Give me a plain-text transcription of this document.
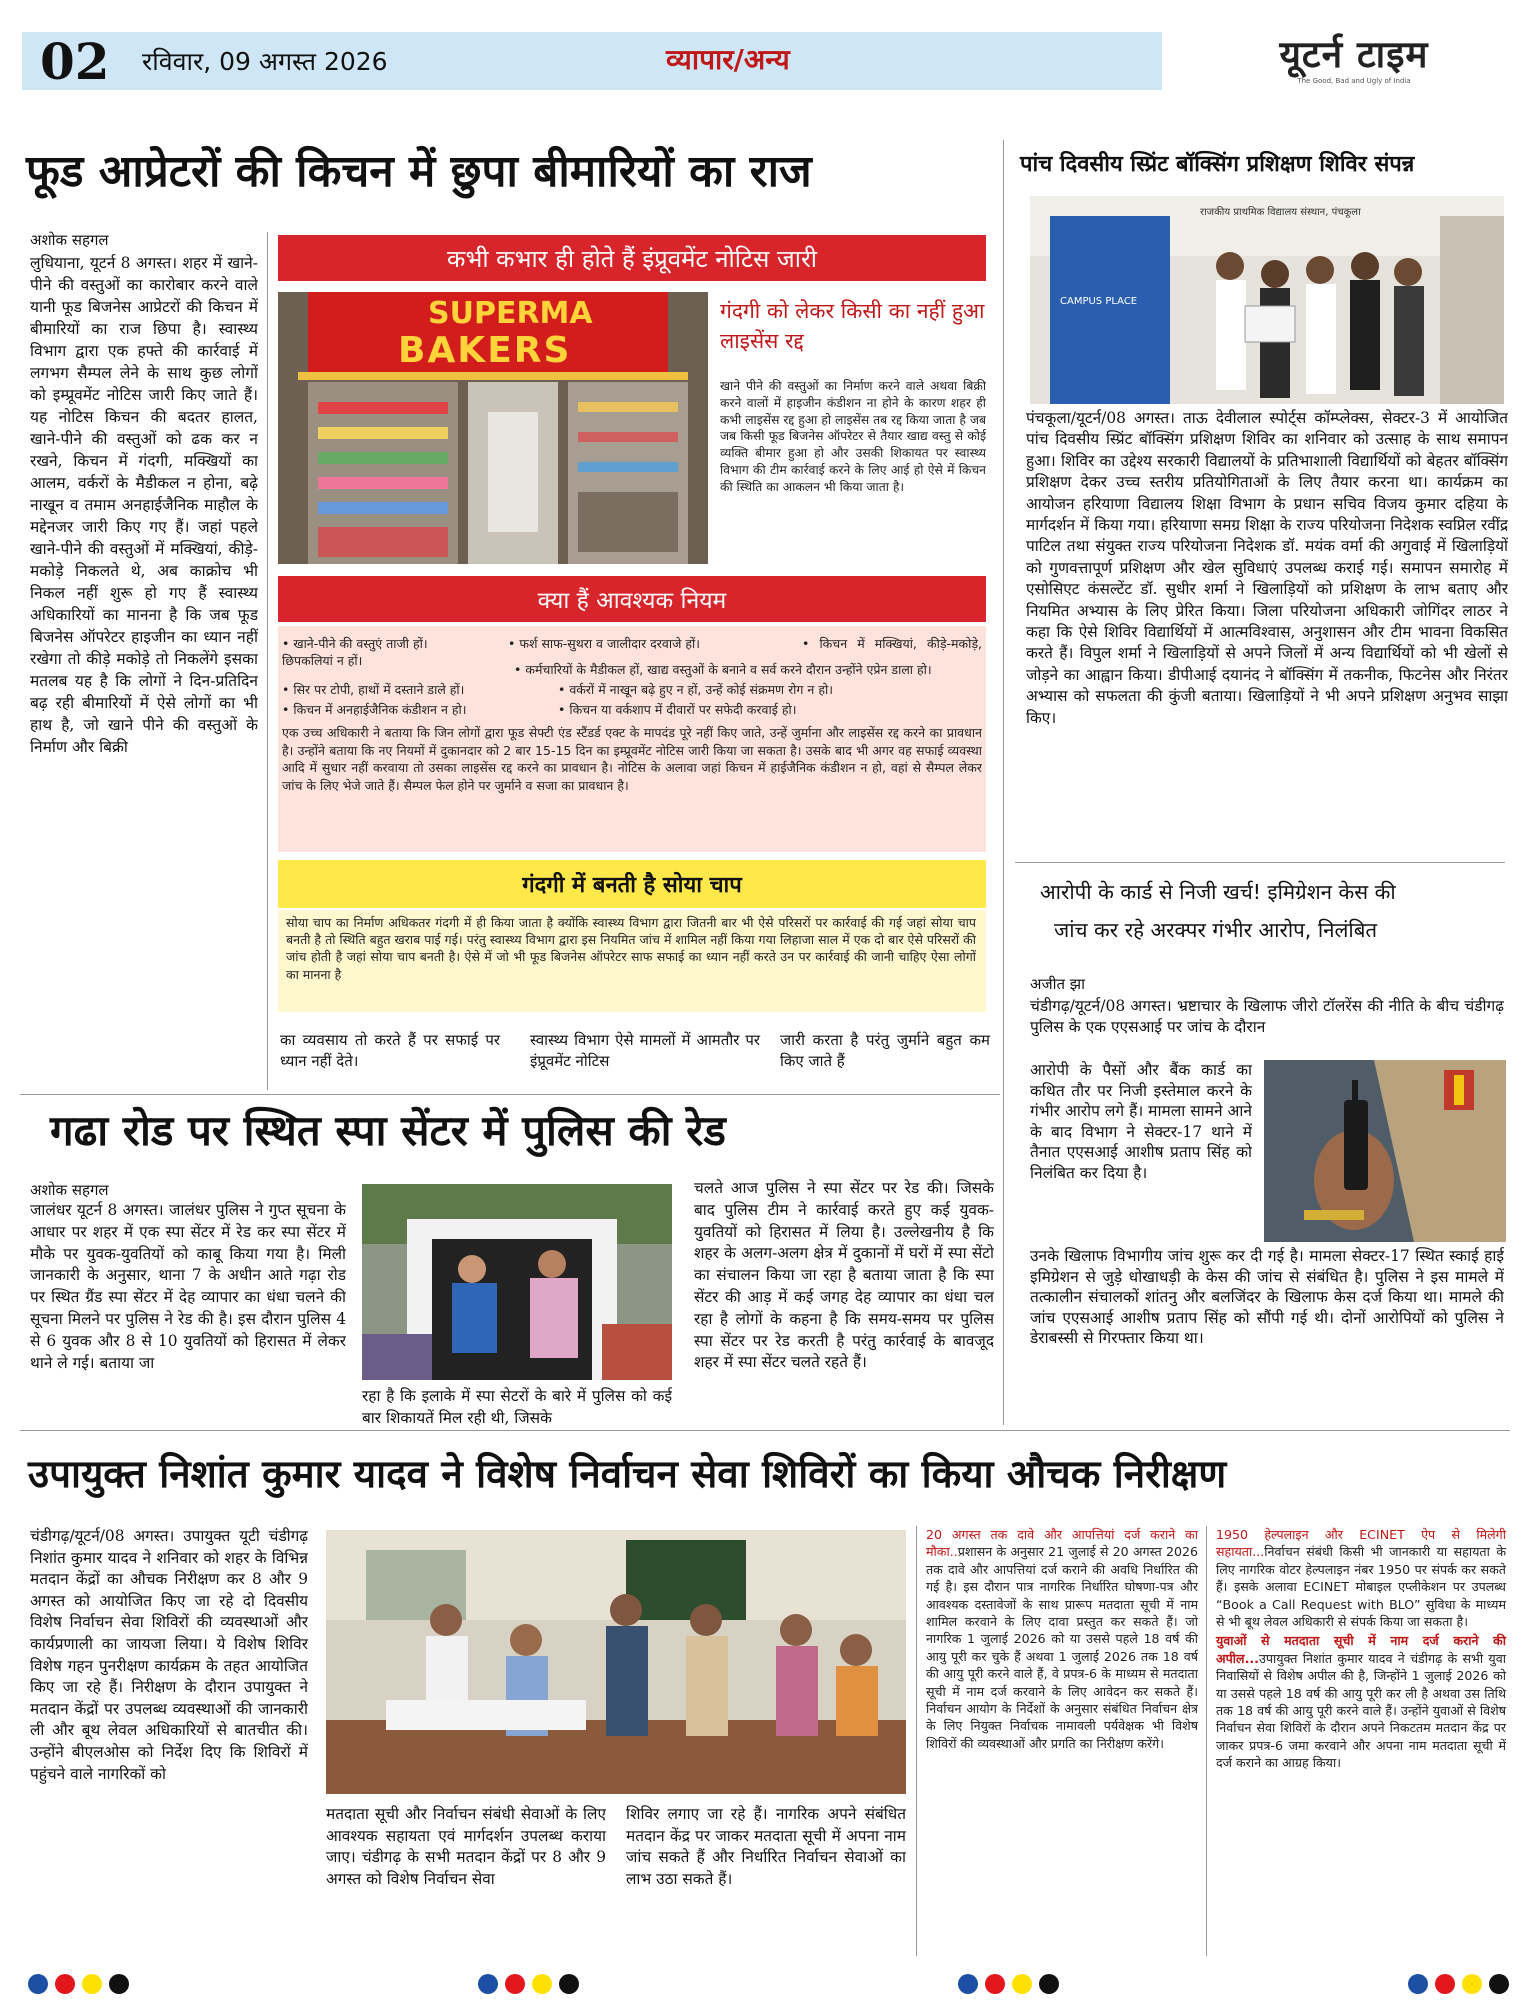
02 रविवार, 09 अगस्त 2026	व्यापार/अन्य	यूटर्न टाइम
The Good, Bad and Ugly of India
फूड आप्रेटरों की किचन में छुपा बीमारियों का राज
अशोक सहगल
लुधियाना, यूटर्न 8 अगस्त। शहर में खाने-पीने की वस्तुओं का कारोबार करने वाले यानी फूड बिजनेस आप्रेटरों की किचन में बीमारियों का राज छिपा है। स्वास्थ्य विभाग द्वारा एक हफ्ते की कार्रवाई में लगभग सैम्पल लेने के साथ कुछ लोगों को इम्प्रूवमेंट नोटिस जारी किए जाते हैं। यह नोटिस किचन की बदतर हालत, खाने-पीने की वस्तुओं को ढक कर न रखने, किचन में गंदगी, मक्खियों का आलम, वर्करों के मैडीकल न होना, बढ़े नाखून व तमाम अनहाईजैनिक माहौल के मद्देनजर जारी किए गए हैं। जहां पहले खाने-पीने की वस्तुओं में मक्खियां, कीड़े-मकोड़े निकलते थे, अब काक्रोच भी निकल नहीं शुरू हो गए हैं स्वास्थ्य अधिकारियों का मानना है कि जब फूड बिजनेस ऑपरेटर हाइजीन का ध्यान नहीं रखेगा तो कीड़े मकोड़े तो निकलेंगे इसका मतलब यह है कि लोगों ने दिन-प्रतिदिन बढ़ रही बीमारियों में ऐसे लोगों का भी हाथ है, जो खाने पीने की वस्तुओं के निर्माण और बिक्री
कभी कभार ही होते हैं इंप्रूवमेंट नोटिस जारी
SUPERMA
BAKERS
गंदगी को लेकर किसी का नहीं हुआ लाइसेंस रद्द
खाने पीने की वस्तुओं का निर्माण करने वाले अथवा बिक्री करने वालों में हाइजीन कंडीशन ना होने के कारण शहर ही कभी लाइसेंस रद्द हुआ हो लाइसेंस तब रद्द किया जाता है जब जब किसी फूड बिजनेस ऑपरेटर से तैयार खाद्य वस्तु से कोई व्यक्ति बीमार हुआ हो और उसकी शिकायत पर स्वास्थ्य विभाग की टीम कार्रवाई करने के लिए आई हो ऐसे में किचन की स्थिति का आकलन भी किया जाता है।
क्या हैं आवश्यक नियम
• खाने-पीने की वस्तुएं ताजी हों।	• फर्श साफ-सुथरा व जालीदार दरवाजे हों।	• किचन में मक्खियां, कीड़े-मकोड़े, छिपकलियां न हों।
• कर्मचारियों के मैडीकल हों, खाद्य वस्तुओं के बनाने व सर्व करने दौरान उन्होंने एप्रेन डाला हो।
• सिर पर टोपी, हाथों में दस्ताने डाले हों।	• वर्करों में नाखून बढ़े हुए न हों, उन्हें कोई संक्रमण रोग न हो।
• किचन में अनहाईजैनिक कंडीशन न हो।	• किचन या वर्कशाप में दीवारों पर सफेदी करवाई हो।
एक उच्च अधिकारी ने बताया कि जिन लोगों द्वारा फूड सेफ्टी एंड स्टैंडर्ड एक्ट के मापदंड पूरे नहीं किए जाते, उन्हें जुर्माना और लाइसेंस रद्द करने का प्रावधान है। उन्होंने बताया कि नए नियमों में दुकानदार को 2 बार 15-15 दिन का इम्प्रूवमेंट नोटिस जारी किया जा सकता है। उसके बाद भी अगर वह सफाई व्यवस्था आदि में सुधार नहीं करवाया तो उसका लाइसेंस रद्द करने का प्रावधान है। नोटिस के अलावा जहां किचन में हाईजैनिक कंडीशन न हो, वहां से सैम्पल लेकर जांच के लिए भेजे जाते हैं। सैम्पल फेल होने पर जुर्माने व सजा का प्रावधान है।
गंदगी में बनती है सोया चाप
सोया चाप का निर्माण अधिकतर गंदगी में ही किया जाता है क्योंकि स्वास्थ्य विभाग द्वारा जितनी बार भी ऐसे परिसरों पर कार्रवाई की गई जहां सोया चाप बनती है तो स्थिति बहुत खराब पाई गई। परंतु स्वास्थ्य विभाग द्वारा इस नियमित जांच में शामिल नहीं किया गया लिहाजा साल में एक दो बार ऐसे परिसरों की जांच होती है जहां सोया चाप बनती है। ऐसे में जो भी फूड बिजनेस ऑपरेटर साफ सफाई का ध्यान नहीं करते उन पर कार्रवाई की जानी चाहिए ऐसा लोगों का मानना है
का व्यवसाय तो करते हैं पर सफाई पर ध्यान नहीं देते।
स्वास्थ्य विभाग ऐसे मामलों में आमतौर पर इंप्रूवमेंट नोटिस
जारी करता है परंतु जुर्माने बहुत कम किए जाते हैं
पांच दिवसीय स्प्रिंट बॉक्सिंग प्रशिक्षण शिविर संपन्न
राजकीय प्राथमिक विद्यालय संस्थान, पंचकूला
CAMPUS PLACE
पंचकूला/यूटर्न/08 अगस्त। ताऊ देवीलाल स्पोर्ट्स कॉम्प्लेक्स, सेक्टर-3 में आयोजित पांच दिवसीय स्प्रिंट बॉक्सिंग प्रशिक्षण शिविर का शनिवार को उत्साह के साथ समापन हुआ। शिविर का उद्देश्य सरकारी विद्यालयों के प्रतिभाशाली विद्यार्थियों को बेहतर बॉक्सिंग प्रशिक्षण देकर उच्च स्तरीय प्रतियोगिताओं के लिए तैयार करना था। कार्यक्रम का आयोजन हरियाणा विद्यालय शिक्षा विभाग के प्रधान सचिव विजय कुमार दहिया के मार्गदर्शन में किया गया। हरियाणा समग्र शिक्षा के राज्य परियोजना निदेशक स्वप्निल रवींद्र पाटिल तथा संयुक्त राज्य परियोजना निदेशक डॉ. मयंक वर्मा की अगुवाई में खिलाड़ियों को गुणवत्तापूर्ण प्रशिक्षण और खेल सुविधाएं उपलब्ध कराई गई। समापन समारोह में एसोसिएट कंसल्टेंट डॉ. सुधीर शर्मा ने खिलाड़ियों को प्रशिक्षण के लाभ बताए और नियमित अभ्यास के लिए प्रेरित किया। जिला परियोजना अधिकारी जोगिंदर लाठर ने कहा कि ऐसे शिविर विद्यार्थियों में आत्मविश्वास, अनुशासन और टीम भावना विकसित करते हैं। विपुल शर्मा ने खिलाड़ियों से अपने जिलों में अन्य विद्यार्थियों को भी खेलों से जोड़ने का आह्वान किया। डीपीआई दयानंद ने बॉक्सिंग में तकनीक, फिटनेस और निरंतर अभ्यास को सफलता की कुंजी बताया। खिलाड़ियों ने भी अपने प्रशिक्षण अनुभव साझा किए।
आरोपी के कार्ड से निजी खर्च! इमिग्रेशन केस की
जांच कर रहे अरक्पर गंभीर आरोप, निलंबित
अजीत झा
चंडीगढ़/यूटर्न/08 अगस्त। भ्रष्टाचार के खिलाफ जीरो टॉलरेंस की नीति के बीच चंडीगढ़ पुलिस के एक एएसआई पर जांच के दौरान
आरोपी के पैसों और बैंक कार्ड का कथित तौर पर निजी इस्तेमाल करने के गंभीर आरोप लगे हैं। मामला सामने आने के बाद विभाग ने सेक्टर-17 थाने में तैनात एएसआई आशीष प्रताप सिंह को निलंबित कर दिया है।
उनके खिलाफ विभागीय जांच शुरू कर दी गई है। मामला सेक्टर-17 स्थित स्काई हाई इमिग्रेशन से जुड़े धोखाधड़ी के केस की जांच से संबंधित है। पुलिस ने इस मामले में तत्कालीन संचालकों शांतनु और बलजिंदर के खिलाफ केस दर्ज किया था। मामले की जांच एएसआई आशीष प्रताप सिंह को सौंपी गई थी। दोनों आरोपियों को पुलिस ने डेराबस्सी से गिरफ्तार किया था।
गढा रोड पर स्थित स्पा सेंटर में पुलिस की रेड
अशोक सहगल
जालंधर यूटर्न 8 अगस्त। जालंधर पुलिस ने गुप्त सूचना के आधार पर शहर में एक स्पा सेंटर में रेड कर स्पा सेंटर में मौके पर युवक-युवतियों को काबू किया गया है। मिली जानकारी के अनुसार, थाना 7 के अधीन आते गढ़ा रोड पर स्थित ग्रैंड स्पा सेंटर में देह व्यापार का धंधा चलने की सूचना मिलने पर पुलिस ने रेड की है। इस दौरान पुलिस 4 से 6 युवक और 8 से 10 युवतियों को हिरासत में लेकर थाने ले गई। बताया जा
रहा है कि इलाके में स्पा सेटरों के बारे में पुलिस को कई बार शिकायतें मिल रही थी, जिसके
चलते आज पुलिस ने स्पा सेंटर पर रेड की। जिसके बाद पुलिस टीम ने कार्रवाई करते हुए कई युवक-युवतियों को हिरासत में लिया है। उल्लेखनीय है कि शहर के अलग-अलग क्षेत्र में दुकानों में घरों में स्पा सेंटो का संचालन किया जा रहा है बताया जाता है कि स्पा सेंटर की आड़ में कई जगह देह व्यापार का धंधा चल रहा है लोगों के कहना है कि समय-समय पर पुलिस स्पा सेंटर पर रेड करती है परंतु कार्रवाई के बावजूद शहर में स्पा सेंटर चलते रहते हैं।
उपायुक्त निशांत कुमार यादव ने विशेष निर्वाचन सेवा शिविरों का किया औचक निरीक्षण
चंडीगढ़/यूटर्न/08 अगस्त। उपायुक्त यूटी चंडीगढ़ निशांत कुमार यादव ने शनिवार को शहर के विभिन्न मतदान केंद्रों का औचक निरीक्षण कर 8 और 9 अगस्त को आयोजित किए जा रहे दो दिवसीय विशेष निर्वाचन सेवा शिविरों की व्यवस्थाओं और कार्यप्रणाली का जायजा लिया। ये विशेष शिविर विशेष गहन पुनरीक्षण कार्यक्रम के तहत आयोजित किए जा रहे हैं। निरीक्षण के दौरान उपायुक्त ने मतदान केंद्रों पर उपलब्ध व्यवस्थाओं की जानकारी ली और बूथ लेवल अधिकारियों से बातचीत की। उन्होंने बीएलओस को निर्देश दिए कि शिविरों में पहुंचने वाले नागरिकों को
मतदाता सूची और निर्वाचन संबंधी सेवाओं के लिए आवश्यक सहायता एवं मार्गदर्शन उपलब्ध कराया जाए। चंडीगढ़ के सभी मतदान केंद्रों पर 8 और 9 अगस्त को विशेष निर्वाचन सेवा
शिविर लगाए जा रहे हैं। नागरिक अपने संबंधित मतदान केंद्र पर जाकर मतदाता सूची में अपना नाम जांच सकते हैं और निर्धारित निर्वाचन सेवाओं का लाभ उठा सकते हैं।
20 अगस्त तक दावे और आपत्तियां दर्ज कराने का मौका..प्रशासन के अनुसार 21 जुलाई से 20 अगस्त 2026 तक दावे और आपत्तियां दर्ज कराने की अवधि निर्धारित की गई है। इस दौरान पात्र नागरिक निर्धारित घोषणा-पत्र और आवश्यक दस्तावेजों के साथ प्रारूप मतदाता सूची में नाम शामिल करवाने के लिए दावा प्रस्तुत कर सकते हैं। जो नागरिक 1 जुलाई 2026 को या उससे पहले 18 वर्ष की आयु पूरी कर चुके हैं अथवा 1 जुलाई 2026 तक 18 वर्ष की आयु पूरी करने वाले हैं, वे प्रपत्र-6 के माध्यम से मतदाता सूची में नाम दर्ज करवाने के लिए आवेदन कर सकते हैं। निर्वाचन आयोग के निर्देशों के अनुसार संबंधित निर्वाचन क्षेत्र के लिए नियुक्त निर्वाचक नामावली पर्यवेक्षक भी विशेष शिविरों की व्यवस्थाओं और प्रगति का निरीक्षण करेंगे।
1950 हेल्पलाइन और ECINET ऐप से मिलेगी सहायता...निर्वाचन संबंधी किसी भी जानकारी या सहायता के लिए नागरिक वोटर हेल्पलाइन नंबर 1950 पर संपर्क कर सकते हैं। इसके अलावा ECINET मोबाइल एप्लीकेशन पर उपलब्ध “Book a Call Request with BLO” सुविधा के माध्यम से भी बूथ लेवल अधिकारी से संपर्क किया जा सकता है।
युवाओं से मतदाता सूची में नाम दर्ज कराने की अपील...उपायुक्त निशांत कुमार यादव ने चंडीगढ़ के सभी युवा निवासियों से विशेष अपील की है, जिन्होंने 1 जुलाई 2026 को या उससे पहले 18 वर्ष की आयु पूरी कर ली है अथवा उस तिथि तक 18 वर्ष की आयु पूरी करने वाले हैं। उन्होंने युवाओं से विशेष निर्वाचन सेवा शिविरों के दौरान अपने निकटतम मतदान केंद्र पर जाकर प्रपत्र-6 जमा करवाने और अपना नाम मतदाता सूची में दर्ज कराने का आग्रह किया।
